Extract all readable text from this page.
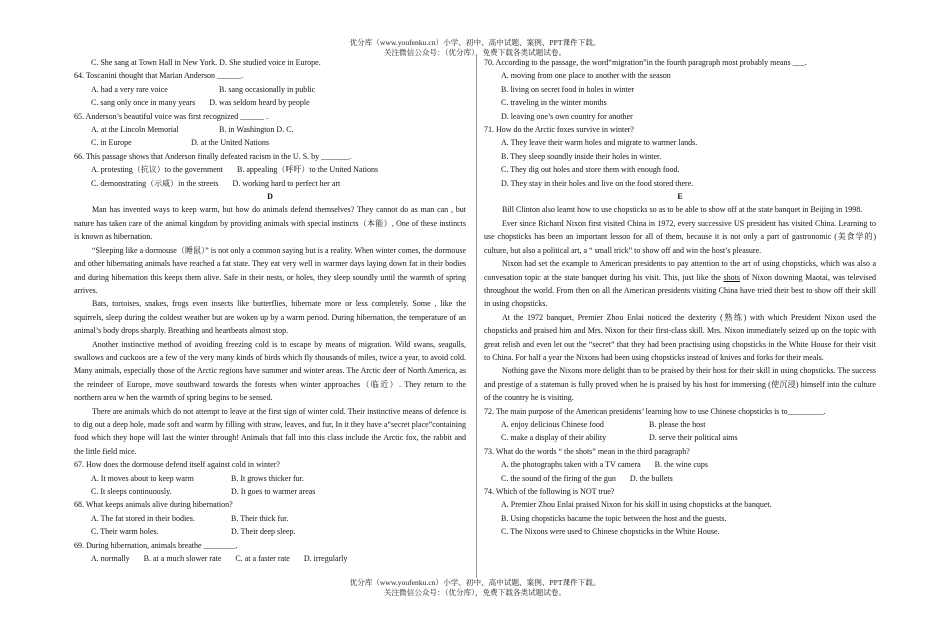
优分库（www.youfenku.cn）小学、初中、高中试题、案例、PPT课件下载。
关注微信公众号：（优分库），免费下载各类试题试卷。
C. She sang at Town Hall in New York. D. She studied voice in Europe.
64. Toscanini thought that Marian Anderson ______.
A. had a very rare voice	B. sang occasionally in public
C. sang only once in many years D. was seldom heard by people
65. Anderson’s beautiful voice was first recognized ______ .
A. at the Lincoln Memorial	B. in Washington D. C.
C. in Europe	D. at the United Nations
66. This passage shows that Anderson finally defeated racism in the U. S. by _______.
A. protesting（抗议）to the government B. appealing（呼吁）to the United Nations
C. demonstrating（示威）in the streets D. working hard to perfect her art
D
Man has invented ways to keep warm, but how do animals defend themselves? They cannot do as man can , but nature has taken care of the animal kingdom by providing animals with special instincts（本能）, One of these instincts is known as hibernation.
“Sleeping like a dormouse（睡鼠）” is not only a common saying but is a reality. When winter comes, the dormouse and other hibernating animals have reached a fat state. They eat very well in warmer days laying down fat in their bodies and during hibernation this keeps them alive. Safe in their nests, or holes, they sleep soundly until the warmth of spring arrives.
Bats, tortoises, snakes, frogs even insects like butterflies, hibernate more or less completely. Some , like the squirrels, sleep during the coldest weather but are woken up by a warm period. During hibernation, the temperature of an animal’s body drops sharply. Breathing and heartbeats almost stop.
Another instinctive method of avoiding freezing cold is to escape by means of migration. Wild swans, seagulls, swallows and cuckoos are a few of the very many kinds of birds which fly thousands of miles, twice a year, to avoid cold. Many animals, especially those of the Arctic regions have summer and winter areas. The Arctic deer of North America, as the reindeer of Europe, move southward towards the forests when winter approaches（临近）. They return to the northern area w hen the warmth of spring begins to be sensed.
There are animals which do not attempt to leave at the first sign of winter cold. Their instinctive means of defence is to dig out a deep hole, made soft and warm by filling with straw, leaves, and fur, In it they have a“secret place”containing food which they hope will last the winter through! Animals that fall into this class include the Arctic fox, the rabbit and the little field mice.
67. How does the dormouse defend itself against cold in winter?
A. It moves about to keep warm	B. It grows thicker fur.
C. It sleeps continuously.	D. It goes to warmer areas
68. What keeps animals alive during hibernation?
A. The fat stored in their bodies.	B. Their thick fur.
C. Their warm holes.	D. Their deep sleep.
69. During hibernation, animals breathe ________.
A. normally B. at a much slower rate C. at a faster rate D. irregularly
70. According to the passage, the word“migration”in the fourth paragraph most probably means ___.
A. moving from one place to another with the season
B. living on secret food in holes in winter
C. traveling in the winter months
D. leaving one’s own country for another
71. How do the Arctic foxes survive in winter?
A. They leave their warm holes and migrate to warmer lands.
B. They sleep soundly inside their holes in winter.
C. They dig out holes and store them with enough food.
D. They stay in their holes and live on the food stored there.
E
Bill Clinton also learnt how to use chopsticks so as to be able to show off at the state banquet in Beijing in 1998.
Ever since Richard Nixon first visited China in 1972, every successive US president has visited China. Learning to use chopsticks has been an important lesson for all of them, because it is not only a part of gastronomic (美食学的) culture, but also a political art, a “ small trick” to show off and win the host’s pleasure.
Nixon had set the example to American presidents to pay attention to the art of using chopsticks, which was also a convesation topic at the state banquet during his visit. This, just like the shots of Nixon downing Maotai, was televised throughout the world. From then on all the American presidents visiting China have tried their best to show off their skill in using chopsticks.
At the 1972 banquet, Premier Zhou Enlai noticed the dexterity (熟练) with which President Nixon used the chopsticks and praised him and Mrs. Nixon for their first-class skill. Mrs. Nixon immediately seized up on the topic with great relish and even let out the “secret” that they had been practising using chopsticks in the White House for their visit to China. For half a year the Nixons had been using chopsticks instead of knives and forks for their meals.
Nothing gave the Nixons more delight than to be praised by their host for their skill in using chopsticks. The success and prestige of a stateman is fully proved when he is praised by his host for immersing (使沉浸) himself into the culture of the country he is visiting.
72. The main purpose of the American presidents’ learning how to use Chinese chopsticks is to_________.
A. enjoy delicious Chinese food	B. please the host
C. make a display of their ability	D. serve their political aims
73. What do the words “ the shots” mean in the third paragraph?
A. the photographs taken with a TV camera B. the wine cups
C. the sound of the firing of the gun D. the bullets
74. Which of the following is NOT true?
A. Premier Zhou Enlai praised Nixon for his skill in using chopsticks at the banquet.
B. Using chopsticks bacame the topic between the host and the guests.
C. The Nixons were used to Chinese chopsticks in the White House.
优分库（www.youfenku.cn）小学、初中、高中试题、案例、PPT课件下载。
关注微信公众号：（优分库），免费下载各类试题试卷。
